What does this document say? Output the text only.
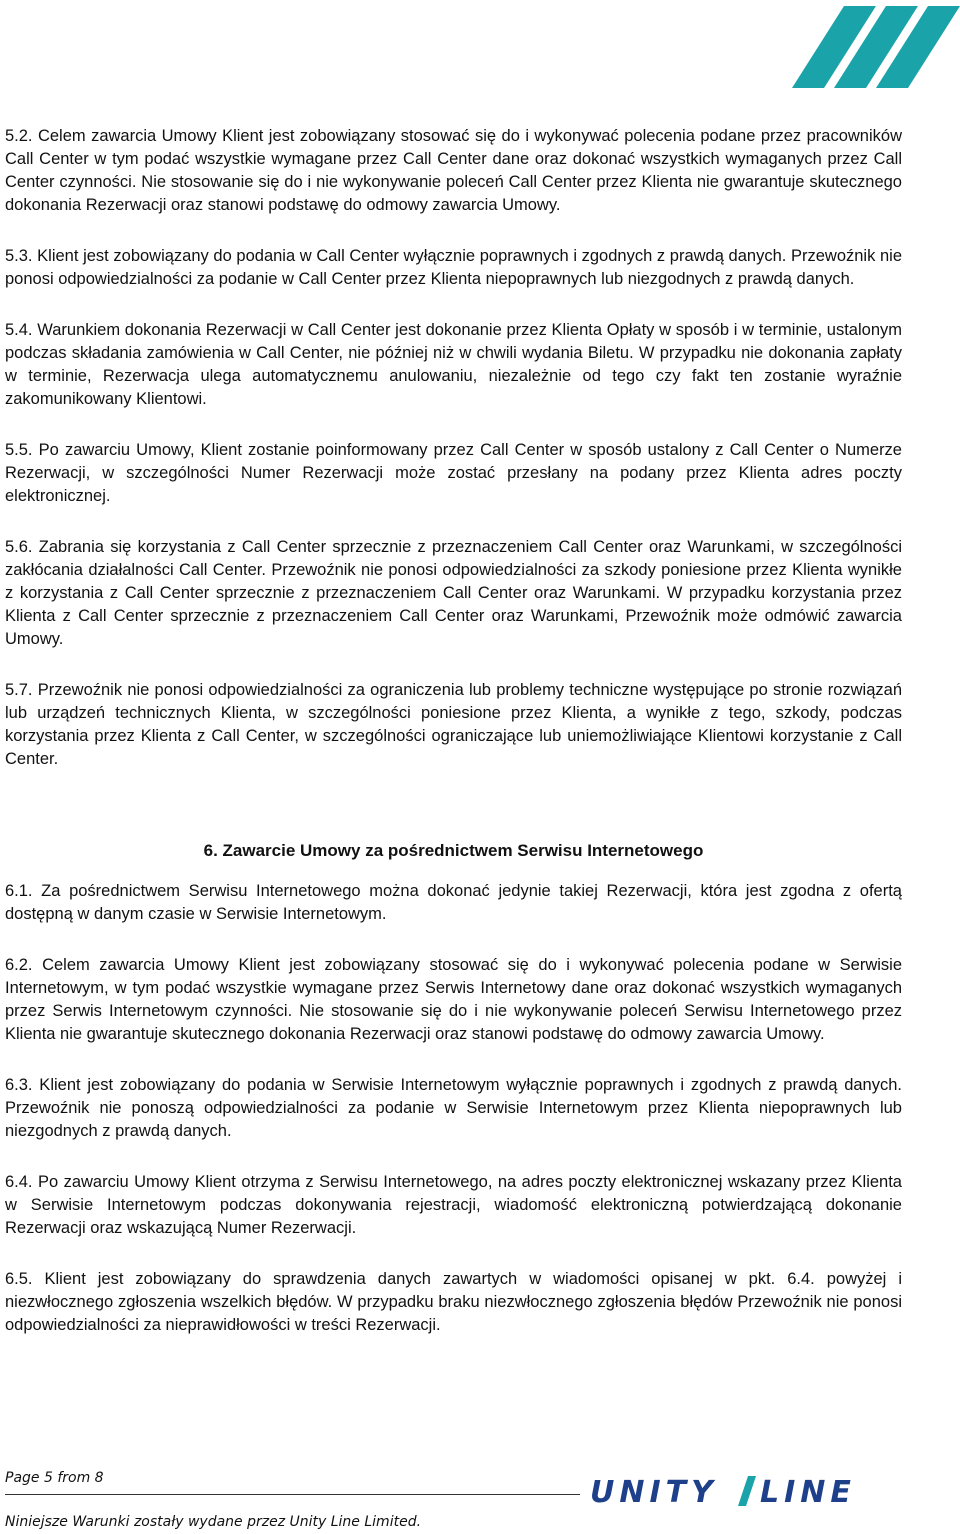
5.2. Celem zawarcia Umowy Klient jest zobowiązany stosować się do i wykonywać polecenia podane przez pracowników Call Center w tym podać wszystkie wymagane przez Call Center dane oraz dokonać wszystkich wymaganych przez Call Center czynności. Nie stosowanie się do i nie wykonywanie poleceń Call Center przez Klienta nie gwarantuje skutecznego dokonania Rezerwacji oraz stanowi podstawę do odmowy zawarcia Umowy.

5.3. Klient jest zobowiązany do podania w Call Center wyłącznie poprawnych i zgodnych z prawdą danych. Przewoźnik nie ponosi odpowiedzialności za podanie w Call Center przez Klienta niepoprawnych lub niezgodnych z prawdą danych.

5.4. Warunkiem dokonania Rezerwacji w Call Center jest dokonanie przez Klienta Opłaty w sposób i w terminie, ustalonym podczas składania zamówienia w Call Center, nie później niż w chwili wydania Biletu. W przypadku nie dokonania zapłaty w terminie, Rezerwacja ulega automatycznemu anulowaniu, niezależnie od tego czy fakt ten zostanie wyraźnie zakomunikowany Klientowi.

5.5. Po zawarciu Umowy, Klient zostanie poinformowany przez Call Center w sposób ustalony z Call Center o Numerze Rezerwacji, w szczególności Numer Rezerwacji może zostać przesłany na podany przez Klienta adres poczty elektronicznej.

5.6. Zabrania się korzystania z Call Center sprzecznie z przeznaczeniem Call Center oraz Warunkami, w szczególności zakłócania działalności Call Center. Przewoźnik nie ponosi odpowiedzialności za szkody poniesione przez Klienta wynikłe z korzystania z Call Center sprzecznie z przeznaczeniem Call Center oraz Warunkami. W przypadku korzystania przez Klienta z Call Center sprzecznie z przeznaczeniem Call Center oraz Warunkami, Przewoźnik może odmówić zawarcia Umowy.

5.7. Przewoźnik nie ponosi odpowiedzialności za ograniczenia lub problemy techniczne występujące po stronie rozwiązań lub urządzeń technicznych Klienta, w szczególności poniesione przez Klienta, a wynikłe z tego, szkody, podczas korzystania przez Klienta z Call Center, w szczególności ograniczające lub uniemożliwiające Klientowi korzystanie z Call Center.

6. Zawarcie Umowy za pośrednictwem Serwisu Internetowego

6.1. Za pośrednictwem Serwisu Internetowego można dokonać jedynie takiej Rezerwacji, która jest zgodna z ofertą dostępną w danym czasie w Serwisie Internetowym.

6.2. Celem zawarcia Umowy Klient jest zobowiązany stosować się do i wykonywać polecenia podane w Serwisie Internetowym, w tym podać wszystkie wymagane przez Serwis Internetowy dane oraz dokonać wszystkich wymaganych przez Serwis Internetowym czynności. Nie stosowanie się do i nie wykonywanie poleceń Serwisu Internetowego przez Klienta nie gwarantuje skutecznego dokonania Rezerwacji oraz stanowi podstawę do odmowy zawarcia Umowy.

6.3. Klient jest zobowiązany do podania w Serwisie Internetowym wyłącznie poprawnych i zgodnych z prawdą danych. Przewoźnik nie ponoszą odpowiedzialności za podanie w Serwisie Internetowym przez Klienta niepoprawnych lub niezgodnych z prawdą danych.

6.4. Po zawarciu Umowy Klient otrzyma z Serwisu Internetowego, na adres poczty elektronicznej wskazany przez Klienta w Serwisie Internetowym podczas dokonywania rejestracji, wiadomość elektroniczną potwierdzającą dokonanie Rezerwacji oraz wskazującą Numer Rezerwacji.

6.5. Klient jest zobowiązany do sprawdzenia danych zawartych w wiadomości opisanej w pkt. 6.4. powyżej i niezwłocznego zgłoszenia wszelkich błędów. W przypadku braku niezwłocznego zgłoszenia błędów Przewoźnik nie ponosi odpowiedzialności za nieprawidłowości w treści Rezerwacji.

Page 5 from 8
Niniejsze Warunki zostały wydane przez Unity Line Limited.
UNITY LINE
